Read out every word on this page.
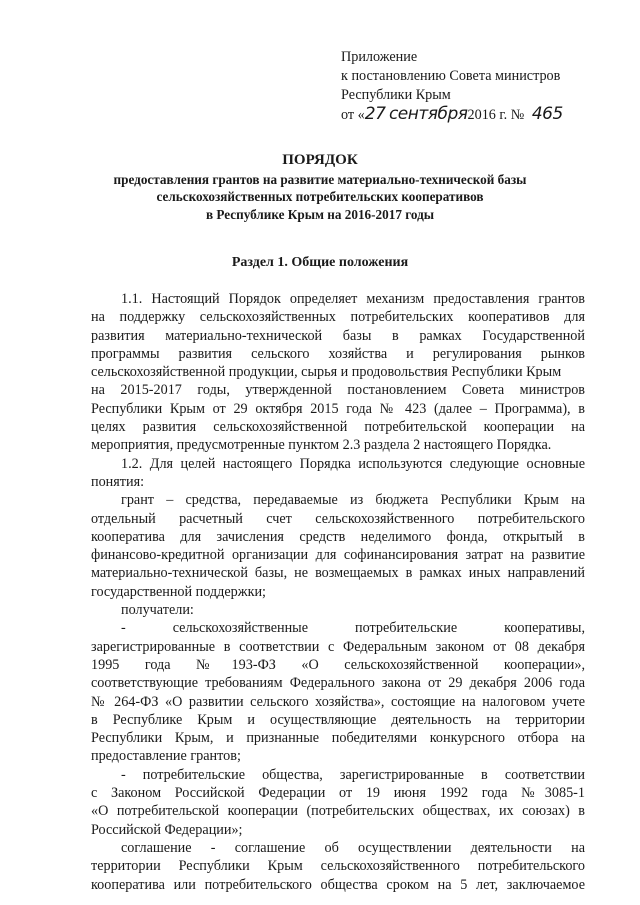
Приложение
к постановлению Совета министров
Республики Крым
от «27 сентября2016 г. № 465
ПОРЯДОК
предоставления грантов на развитие материально-технической базы
сельскохозяйственных потребительских кооперативов
в Республике Крым на 2016-2017 годы
Раздел 1. Общие положения
1.1. Настоящий Порядок определяет механизм предоставления грантов
на поддержку сельскохозяйственных потребительских кооперативов для
развития материально-технической базы в рамках Государственной
программы развития сельского хозяйства и регулирования рынков
сельскохозяйственной продукции, сырья и продовольствия Республики Крым
на 2015-2017 годы, утвержденной постановлением Совета министров
Республики Крым от 29 октября 2015 года № 423 (далее – Программа), в
целях развития сельскохозяйственной потребительской кооперации на
мероприятия, предусмотренные пунктом 2.3 раздела 2 настоящего Порядка.
1.2. Для целей настоящего Порядка используются следующие основные
понятия:
грант – средства, передаваемые из бюджета Республики Крым на
отдельный расчетный счет сельскохозяйственного потребительского
кооператива для зачисления средств неделимого фонда, открытый в
финансово-кредитной организации для софинансирования затрат на развитие
материально-технической базы, не возмещаемых в рамках иных направлений
государственной поддержки;
получатели:
- сельскохозяйственные потребительские кооперативы,
зарегистрированные в соответствии с Федеральным законом от 08 декабря
1995 года №193-ФЗ «О сельскохозяйственной кооперации»,
соответствующие требованиям Федерального закона от 29 декабря 2006 года
№ 264-ФЗ «О развитии сельского хозяйства», состоящие на налоговом учете
в Республике Крым и осуществляющие деятельность на территории
Республики Крым, и признанные победителями конкурсного отбора на
предоставление грантов;
- потребительские общества, зарегистрированные в соответствии
с Законом Российской Федерации от 19 июня 1992 года №3085-1
«О потребительской кооперации (потребительских обществах, их союзах) в
Российской Федерации»;
соглашение - соглашение об осуществлении деятельности на
территории Республики Крым сельскохозяйственного потребительского
кооператива или потребительского общества сроком на 5 лет, заключаемое
